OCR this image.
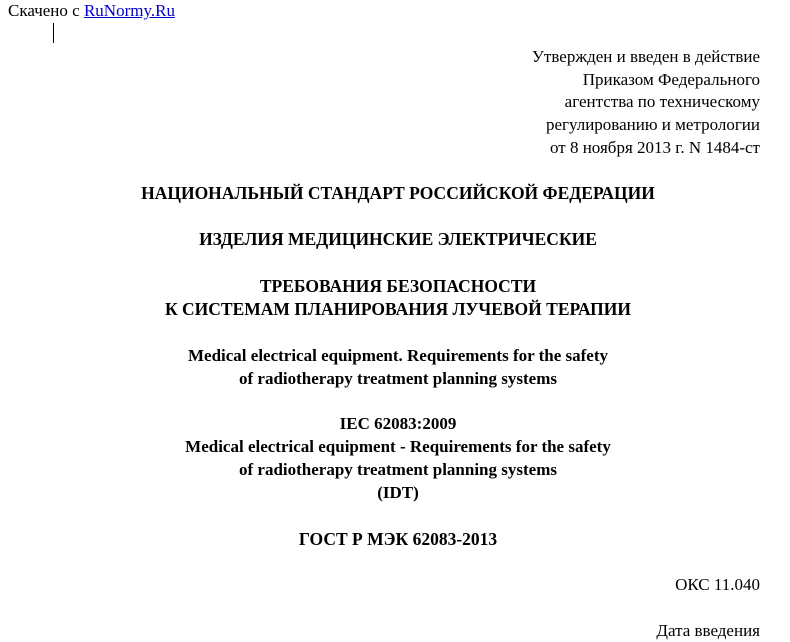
Скачено с RuNormy.Ru
Утвержден и введен в действие
Приказом Федерального
агентства по техническому
регулированию и метрологии
от 8 ноября 2013 г. N 1484-ст
НАЦИОНАЛЬНЫЙ СТАНДАРТ РОССИЙСКОЙ ФЕДЕРАЦИИ
ИЗДЕЛИЯ МЕДИЦИНСКИЕ ЭЛЕКТРИЧЕСКИЕ
ТРЕБОВАНИЯ БЕЗОПАСНОСТИ
К СИСТЕМАМ ПЛАНИРОВАНИЯ ЛУЧЕВОЙ ТЕРАПИИ
Medical electrical equipment. Requirements for the safety
of radiotherapy treatment planning systems
IEC 62083:2009
Medical electrical equipment - Requirements for the safety
of radiotherapy treatment planning systems
(IDT)
ГОСТ Р МЭК 62083-2013
ОКС 11.040
Дата введения
